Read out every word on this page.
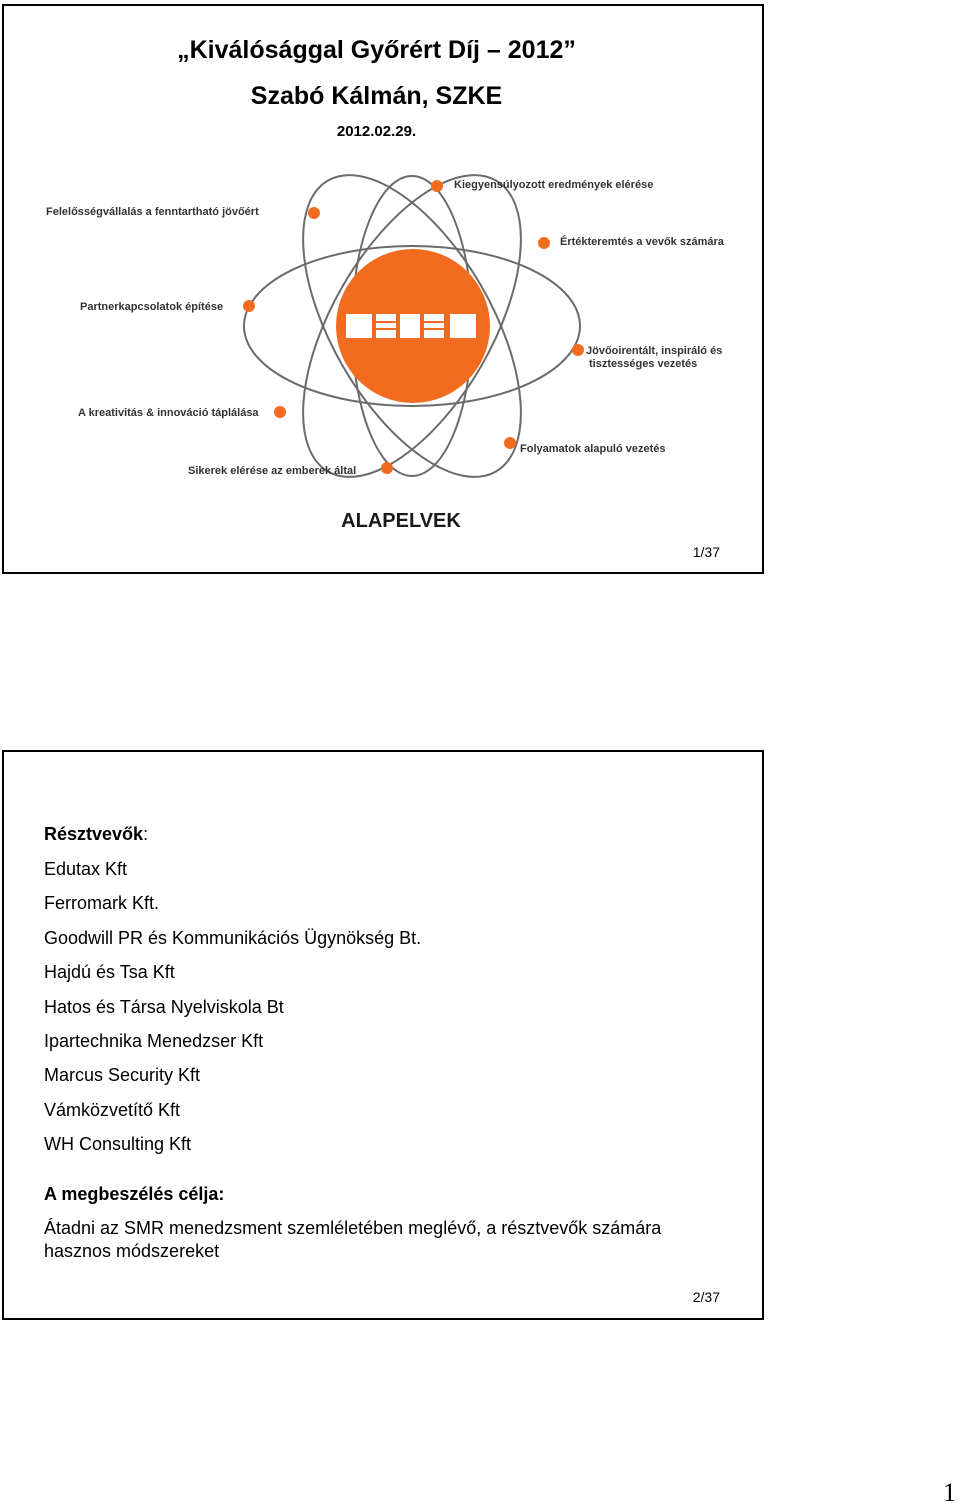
„Kiválósággal Győrért Díj – 2012”
Szabó Kálmán, SZKE
2012.02.29.
Kiegyensúlyozott eredmények elérése
Felelősségvállalás a fenntartható jövőért
Értékteremtés a vevők számára
Partnerkapcsolatok építése
Jövőoirentált, inspiráló és
tisztességes vezetés
A kreativitás & innováció táplálása
Folyamatok alapuló vezetés
Sikerek elérése az emberek által
ALAPELVEK
1/37
Résztvevők:
Edutax Kft
Ferromark Kft.
Goodwill PR és Kommunikációs Ügynökség Bt.
Hajdú és Tsa Kft
Hatos és Társa Nyelviskola Bt
Ipartechnika Menedzser Kft
Marcus Security Kft
Vámközvetítő Kft
WH Consulting Kft
A megbeszélés célja:
Átadni az SMR menedzsment szemléletében meglévő, a résztvevők számára
hasznos módszereket
2/37
1
